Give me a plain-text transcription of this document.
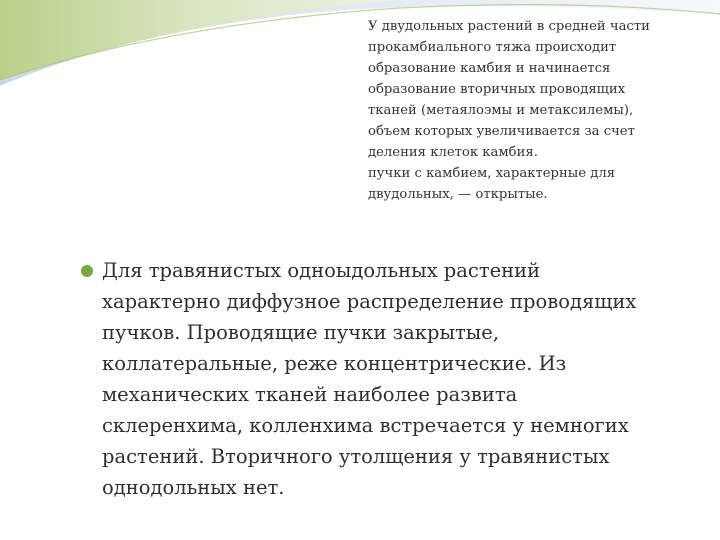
У двудольных растений в средней части
прокамбиального тяжа происходит
образование камбия и начинается
образование вторичных проводящих
тканей (метаялоэмы и метаксилемы),
объем которых увеличивается за счет
деления клеток камбия.
пучки с камбием, характерные для
двудольных, — открытые.
Для травянистых одноыдольных растений
характерно диффузное распределение проводящих
пучков. Проводящие пучки закрытые,
коллатеральные, реже концентрические. Из
механических тканей наиболее развита
склеренхима, колленхима встречается у немногих
растений. Вторичного утолщения у травянистых
однодольных нет.
